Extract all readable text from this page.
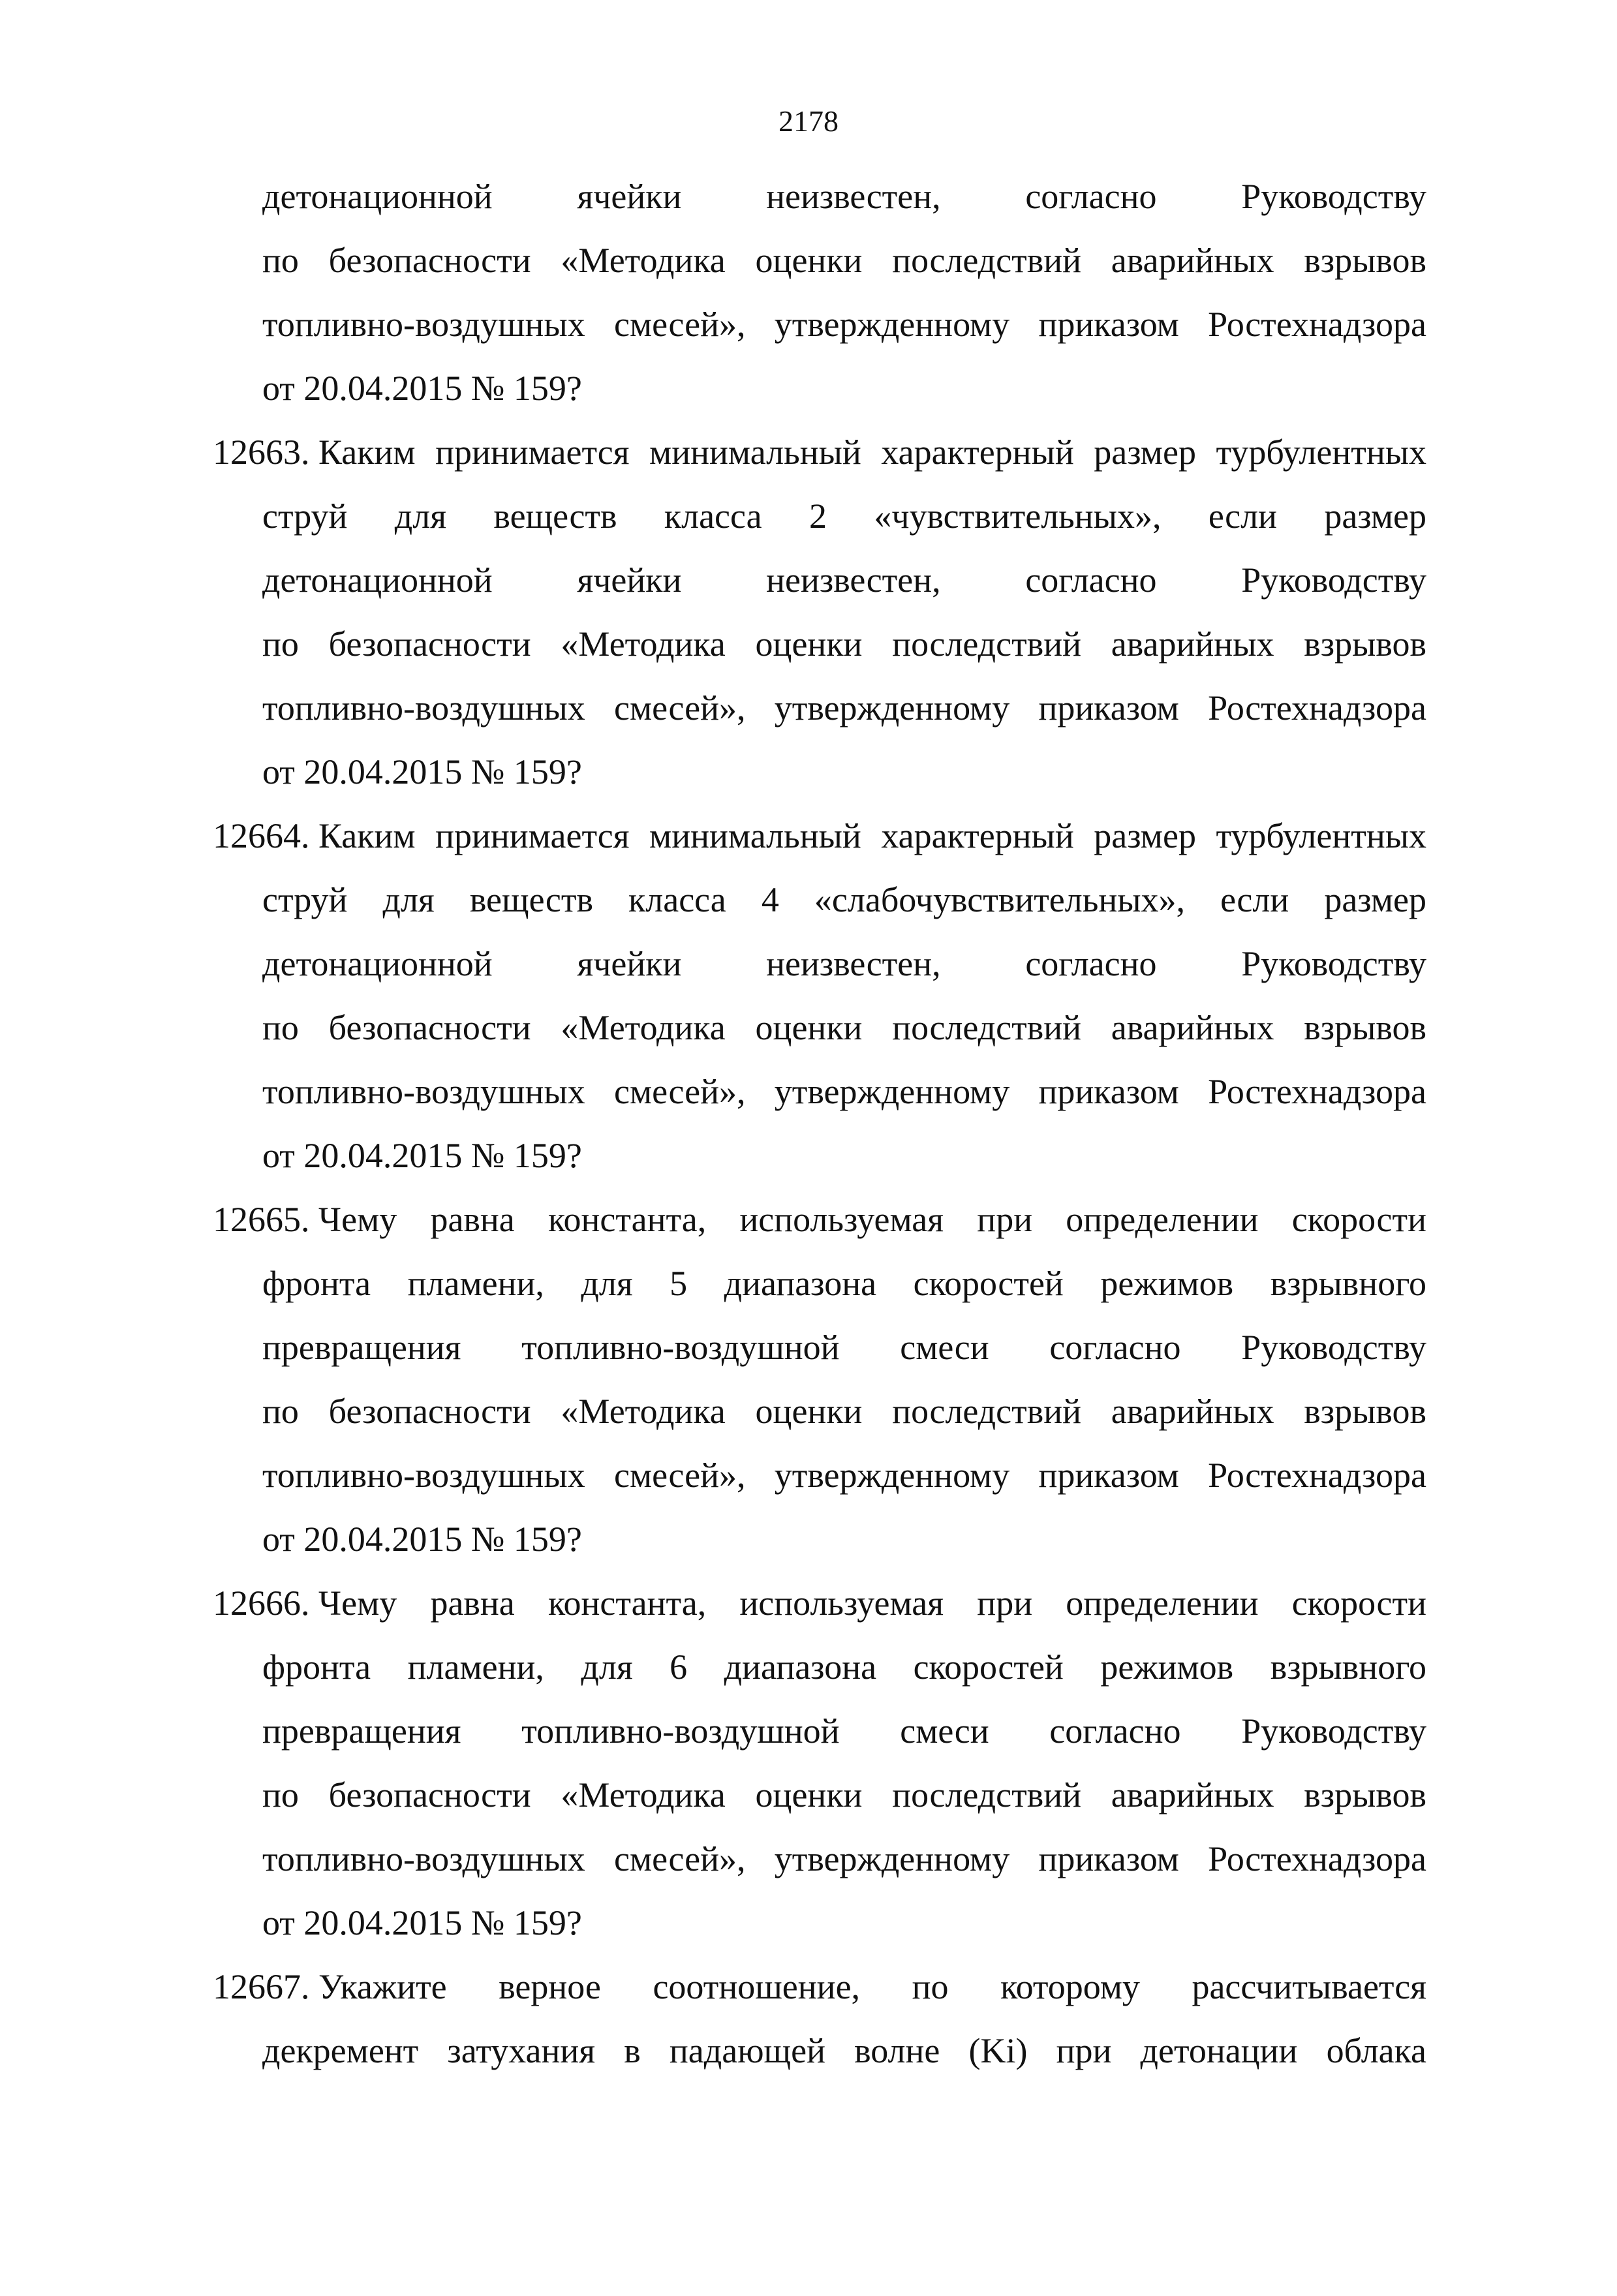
2178
детонационной ячейки неизвестен, согласно Руководству
по безопасности «Методика оценки последствий аварийных взрывов
топливно-воздушных смесей», утвержденному приказом Ростехнадзора
от 20.04.2015 № 159?
12663. Каким принимается минимальный характерный размер турбулентных
струй для веществ класса 2 «чувствительных», если размер
детонационной ячейки неизвестен, согласно Руководству
по безопасности «Методика оценки последствий аварийных взрывов
топливно-воздушных смесей», утвержденному приказом Ростехнадзора
от 20.04.2015 № 159?
12664. Каким принимается минимальный характерный размер турбулентных
струй для веществ класса 4 «слабочувствительных», если размер
детонационной ячейки неизвестен, согласно Руководству
по безопасности «Методика оценки последствий аварийных взрывов
топливно-воздушных смесей», утвержденному приказом Ростехнадзора
от 20.04.2015 № 159?
12665. Чему равна константа, используемая при определении скорости
фронта пламени, для 5 диапазона скоростей режимов взрывного
превращения топливно-воздушной смеси согласно Руководству
по безопасности «Методика оценки последствий аварийных взрывов
топливно-воздушных смесей», утвержденному приказом Ростехнадзора
от 20.04.2015 № 159?
12666. Чему равна константа, используемая при определении скорости
фронта пламени, для 6 диапазона скоростей режимов взрывного
превращения топливно-воздушной смеси согласно Руководству
по безопасности «Методика оценки последствий аварийных взрывов
топливно-воздушных смесей», утвержденному приказом Ростехнадзора
от 20.04.2015 № 159?
12667. Укажите верное соотношение, по которому рассчитывается
декремент затухания в падающей волне (Ki) при детонации облака
